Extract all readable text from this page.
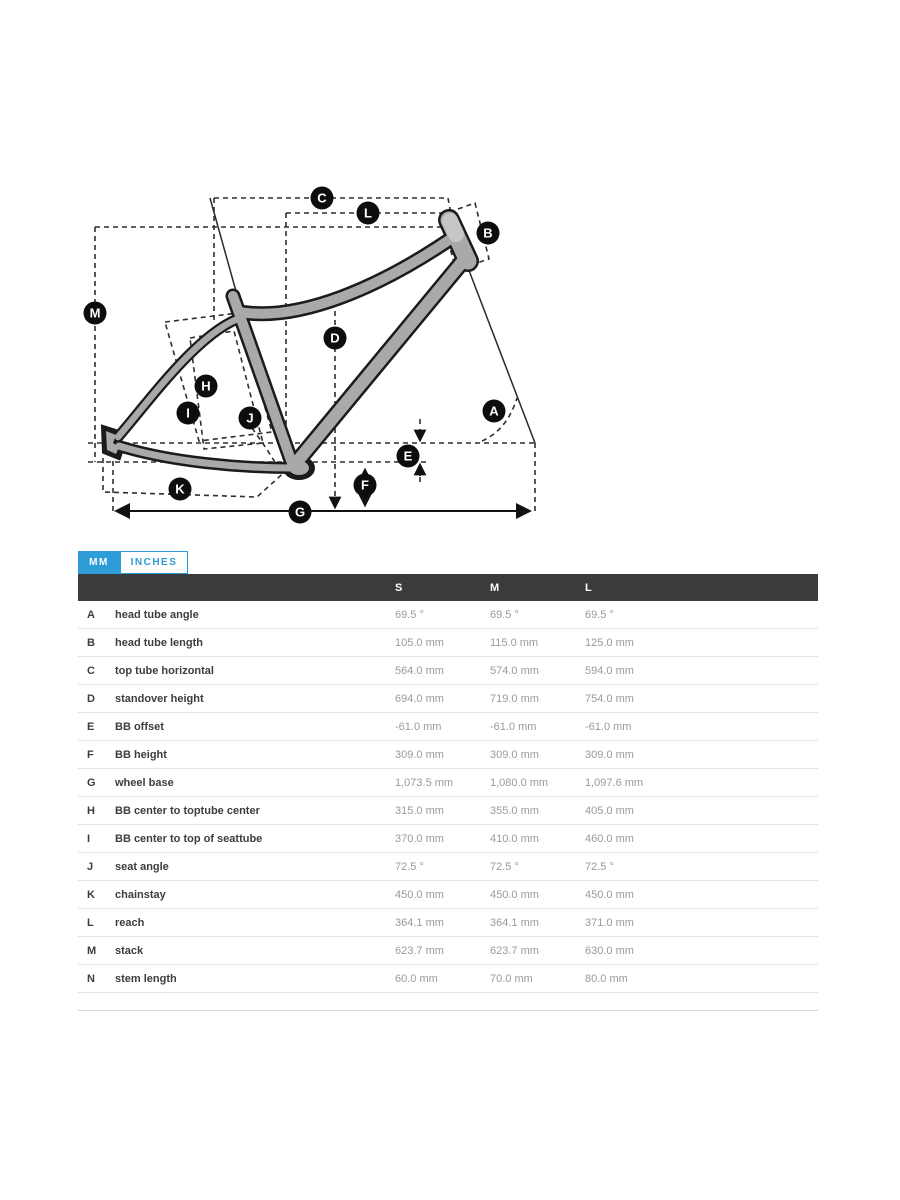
C
L
B
M
D
H
I	J	A
E
F
K
G
MM	INCHES
S	M	L
A	head tube angle	69.5 °	69.5 °	69.5 °
B	head tube length	105.0 mm	115.0 mm	125.0 mm
C	top tube horizontal	564.0 mm	574.0 mm	594.0 mm
D	standover height	694.0 mm	719.0 mm	754.0 mm
E	BB offset	-61.0 mm	-61.0 mm	-61.0 mm
F	BB height	309.0 mm	309.0 mm	309.0 mm
G	wheel base	1,073.5 mm	1,080.0 mm	1,097.6 mm
H	BB center to toptube center	315.0 mm	355.0 mm	405.0 mm
I	BB center to top of seattube	370.0 mm	410.0 mm	460.0 mm
J	seat angle	72.5 °	72.5 °	72.5 °
K	chainstay	450.0 mm	450.0 mm	450.0 mm
L	reach	364.1 mm	364.1 mm	371.0 mm
M	stack	623.7 mm	623.7 mm	630.0 mm
N	stem length	60.0 mm	70.0 mm	80.0 mm
